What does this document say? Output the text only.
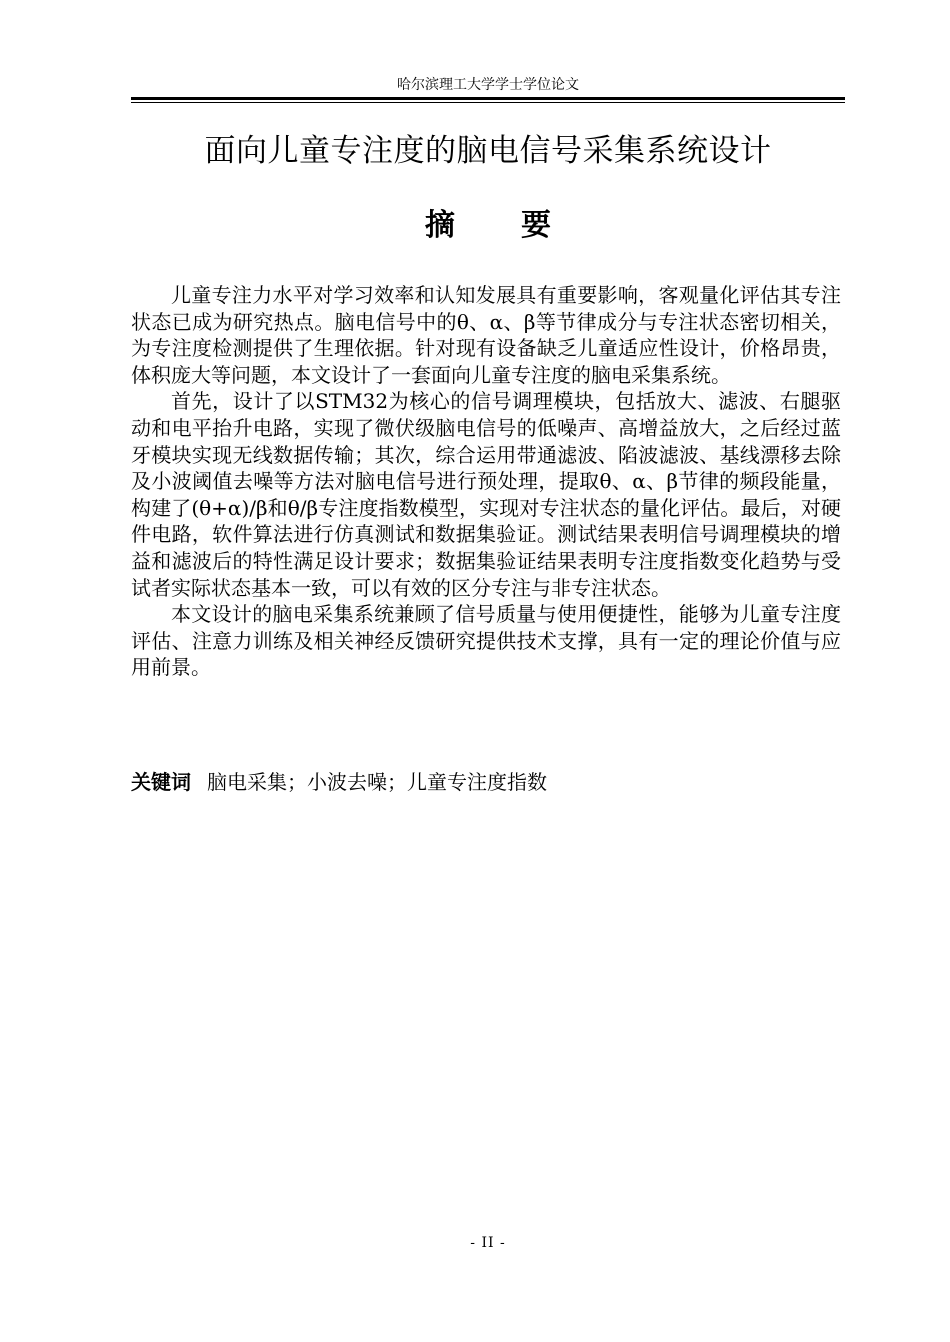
哈尔滨理工大学学士学位论文
面向儿童专注度的脑电信号采集系统设计
摘要

儿童专注力水平对学习效率和认知发展具有重要影响，客观量化评估其专注状态已成为研究热点。脑电信号中的θ、α、β等节律成分与专注状态密切相关，为专注度检测提供了生理依据。针对现有设备缺乏儿童适应性设计，价格昂贵，体积庞大等问题，本文设计了一套面向儿童专注度的脑电采集系统。

首先，设计了以STM32为核心的信号调理模块，包括放大、滤波、右腿驱动和电平抬升电路，实现了微伏级脑电信号的低噪声、高增益放大，之后经过蓝牙模块实现无线数据传输；其次，综合运用带通滤波、陷波滤波、基线漂移去除及小波阈值去噪等方法对脑电信号进行预处理，提取θ、α、β节律的频段能量，构建了(θ+α)/β和θ/β专注度指数模型，实现对专注状态的量化评估。最后，对硬件电路，软件算法进行仿真测试和数据集验证。测试结果表明信号调理模块的增益和滤波后的特性满足设计要求；数据集验证结果表明专注度指数变化趋势与受试者实际状态基本一致，可以有效的区分专注与非专注状态。

本文设计的脑电采集系统兼顾了信号质量与使用便捷性，能够为儿童专注度评估、注意力训练及相关神经反馈研究提供技术支撑，具有一定的理论价值与应用前景。

关键词 脑电采集；小波去噪；儿童专注度指数
- II -
